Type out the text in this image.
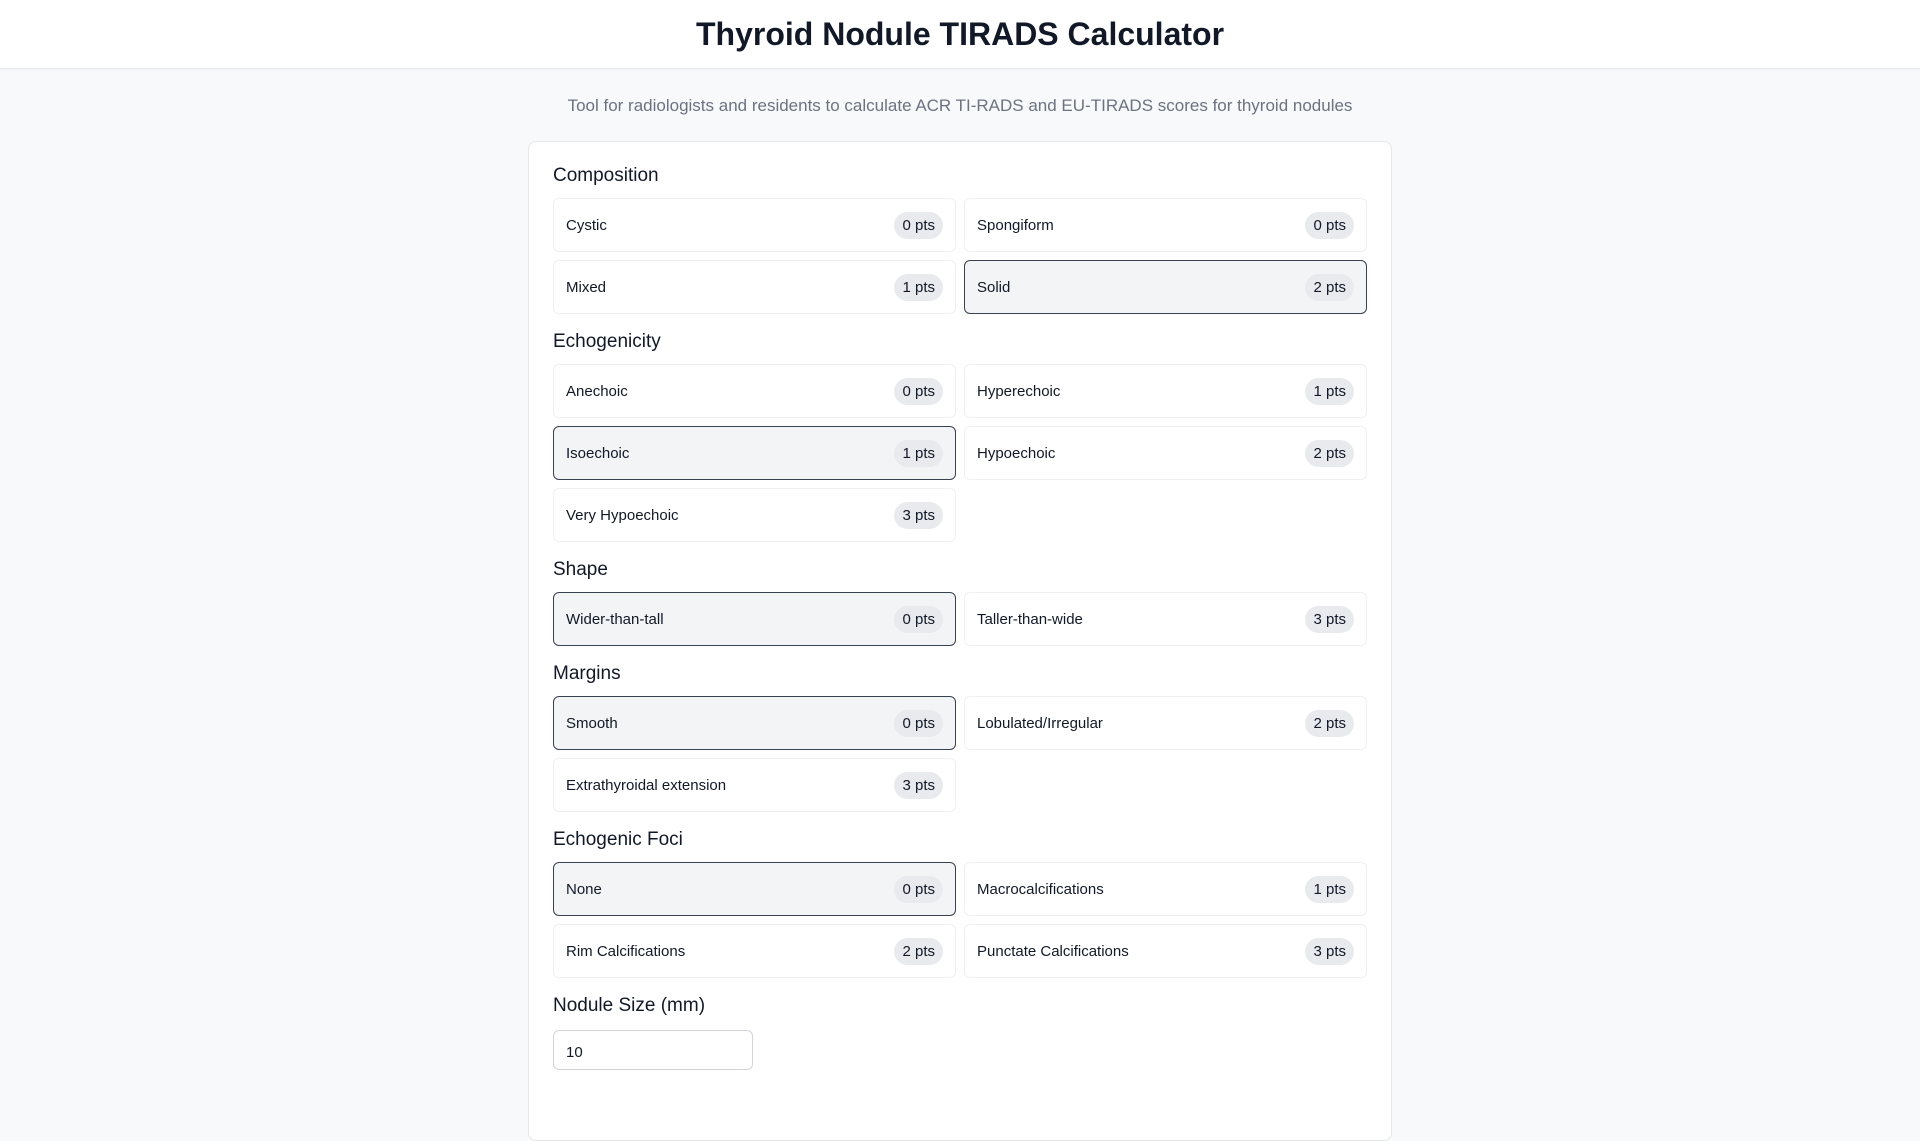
Thyroid Nodule TIRADS Calculator
Tool for radiologists and residents to calculate ACR TI-RADS and EU-TIRADS scores for thyroid nodules
Composition
Cystic	0 pts	Spongiform	0 pts
Mixed	1 pts	Solid	2 pts
Echogenicity
Anechoic	0 pts	Hyperechoic	1 pts
Isoechoic	1 pts	Hypoechoic	2 pts
Very Hypoechoic	3 pts
Shape
Wider-than-tall	0 pts	Taller-than-wide	3 pts
Margins
Smooth	0 pts	Lobulated/Irregular	2 pts
Extrathyroidal extension	3 pts
Echogenic Foci
None	0 pts	Macrocalcifications	1 pts
Rim Calcifications	2 pts	Punctate Calcifications	3 pts
Nodule Size (mm)
10
